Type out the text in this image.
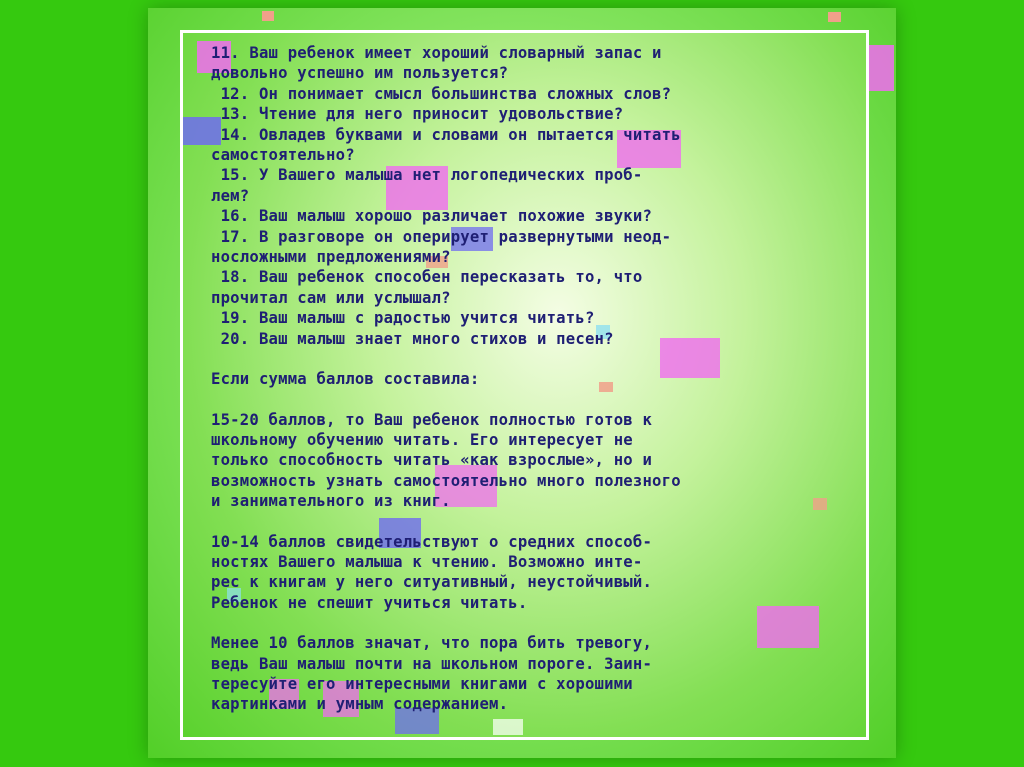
11. Ваш ребенок имеет хороший словарный запас и
довольно успешно им пользуется?
12. Он понимает смысл большинства сложных слов?
13. Чтение для него приносит удовольствие?
14. Овладев буквами и словами он пытается читать
самостоятельно?
15. У Вашего малыша нет логопедических проб-
лем?
16. Ваш малыш хорошо различает похожие звуки?
17. В разговоре он оперирует развернутыми неод-
носложными предложениями?
18. Ваш ребенок способен пересказать то, что
прочитал сам или услышал?
19. Ваш малыш с радостью учится читать?
20. Ваш малыш знает много стихов и песен?
Если сумма баллов составила:
15-20 баллов, то Ваш ребенок полностью готов к
школьному обучению читать. Его интересует не
только способность читать «как взрослые», но и
возможность узнать самостоятельно много полезного
и занимательного из книг.
10-14 баллов свидетельствуют о средних способ-
ностях Вашего малыша к чтению. Возможно инте-
рес к книгам у него ситуативный, неустойчивый.
Ребенок не спешит учиться читать.
Менее 10 баллов значат, что пора бить тревогу,
ведь Ваш малыш почти на школьном пороге. Заин-
тересуйте его интересными книгами с хорошими
картинками и умным содержанием.
